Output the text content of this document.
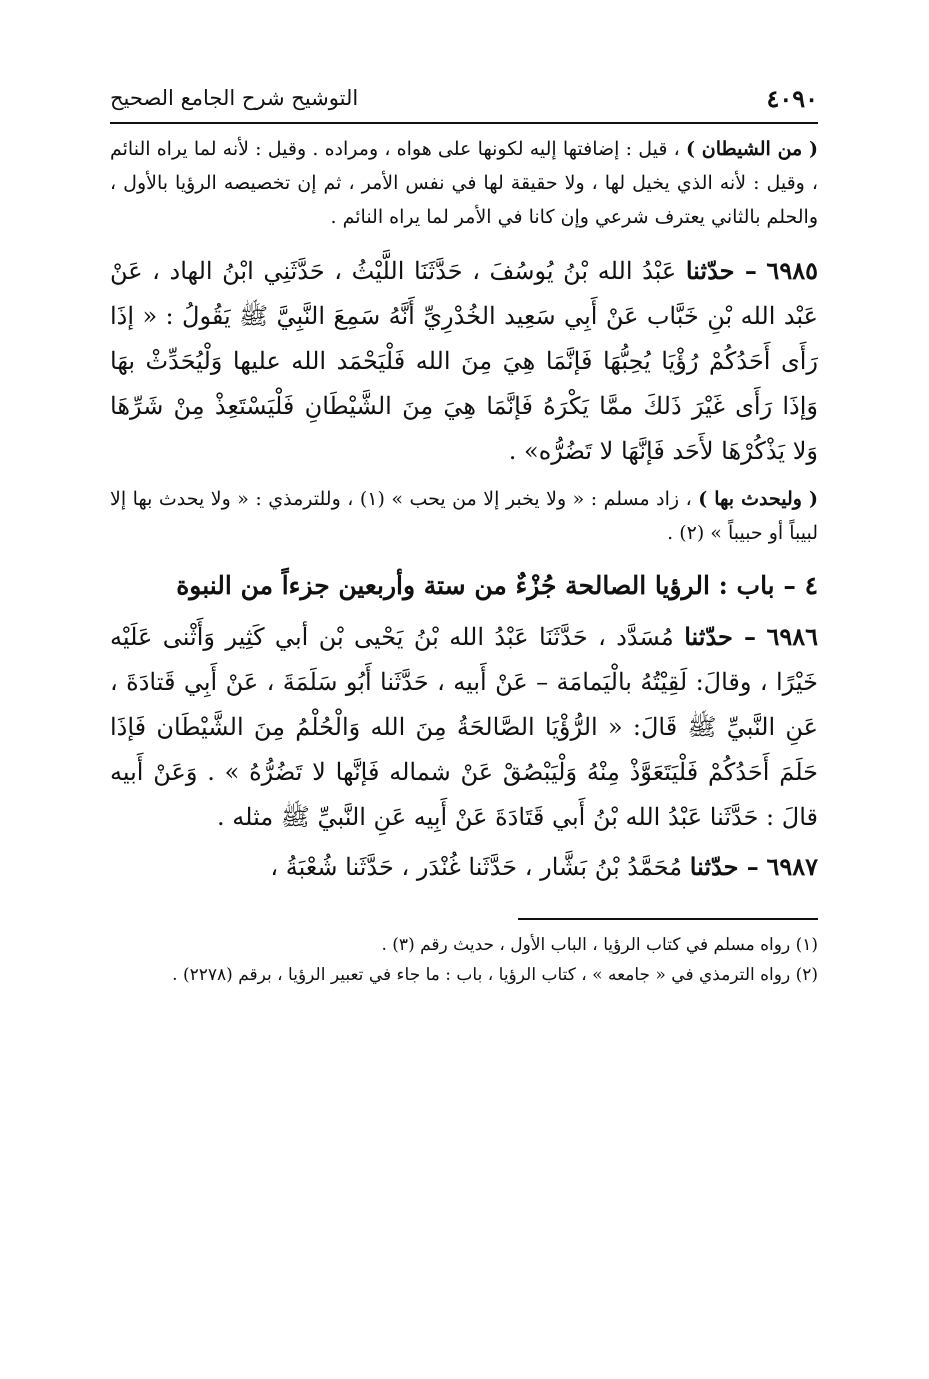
٤٠٩٠
التوشيح شرح الجامع الصحيح

( من الشيطان ) ، قيل : إضافتها إليه لكونها على هواه ، ومراده . وقيل : لأنه لما يراه النائم ، وقيل : لأنه الذي يخيل لها ، ولا حقيقة لها في نفس الأمر ، ثم إن تخصيصه الرؤيا بالأول ، والحلم بالثاني يعترف شرعي وإن كانا في الأمر لما يراه النائم .

٦٩٨٥ – حدّثنا عَبْدُ الله بْنُ يُوسُفَ ، حَدَّثَنَا اللَّيْثُ ، حَدَّثَنِي ابْنُ الهاد ، عَنْ عَبْد الله بْنِ خَبَّاب عَنْ أَبِي سَعِيد الخُدْرِيِّ أَنَّهُ سَمِعَ النَّبِيَّ ﷺ يَقُولُ : « إذَا رَأَى أَحَدُكُمْ رُؤْيَا يُحِبُّهَا فَإنَّمَا هِيَ مِنَ الله فَلْيَحْمَد الله عليها وَلْيُحَدِّثْ بهَا وَإذَا رَأَى غَيْرَ ذَلكَ ممَّا يَكْرَهُ فَإنَّمَا هِيَ مِنَ الشَّيْطَانِ فَلْيَسْتَعِذْ مِنْ شَرِّهَا وَلا يَذْكُرْهَا لأَحَد فَإنَّهَا لا تَضُرُّه» .

( وليحدث بها ) ، زاد مسلم : « ولا يخبر إلا من يحب » (١) ، وللترمذي : « ولا يحدث بها إلا لبيباً أو حبيباً » (٢) .

٤ – باب : الرؤيا الصالحة جُزْءٌ من ستة وأربعين جزءاً من النبوة

٦٩٨٦ – حدّثنا مُسَدَّد ، حَدَّثَنَا عَبْدُ الله بْنُ يَحْيى بْن أبي كَثِير وَأَثْنى عَلَيْه خَيْرًا ، وقالَ: لَقِيْتُهُ بالْيَمامَة – عَنْ أَبيه ، حَدَّثَنا أَبُو سَلَمَةَ ، عَنْ أَبِي قَتادَةَ ، عَنِ النَّبيِّ ﷺ قَالَ: « الرُّؤْيَا الصَّالحَةُ مِنَ الله وَالْحُلْمُ مِنَ الشَّيْطَان فَإذَا حَلَمَ أَحَدُكُمْ فَلْيَتَعَوَّذْ مِنْهُ وَلْيَبْصُقْ عَنْ شماله فَإنَّها لا تَضُرُّهُ » . وَعَنْ أَبيه قالَ : حَدَّثَنا عَبْدُ الله بْنُ أَبي قَتَادَةَ عَنْ أَبِيه عَنِ النَّبيِّ ﷺ مثله .

٦٩٨٧ – حدّثنا مُحَمَّدُ بْنُ بَشَّار ، حَدَّثَنا غُنْدَر ، حَدَّثَنا شُعْبَةُ ،

(١) رواه مسلم في كتاب الرؤيا ، الباب الأول ، حديث رقم (٣) .

(٢) رواه الترمذي في « جامعه » ، كتاب الرؤيا ، باب : ما جاء في تعبير الرؤيا ، برقم (٢٢٧٨) .
